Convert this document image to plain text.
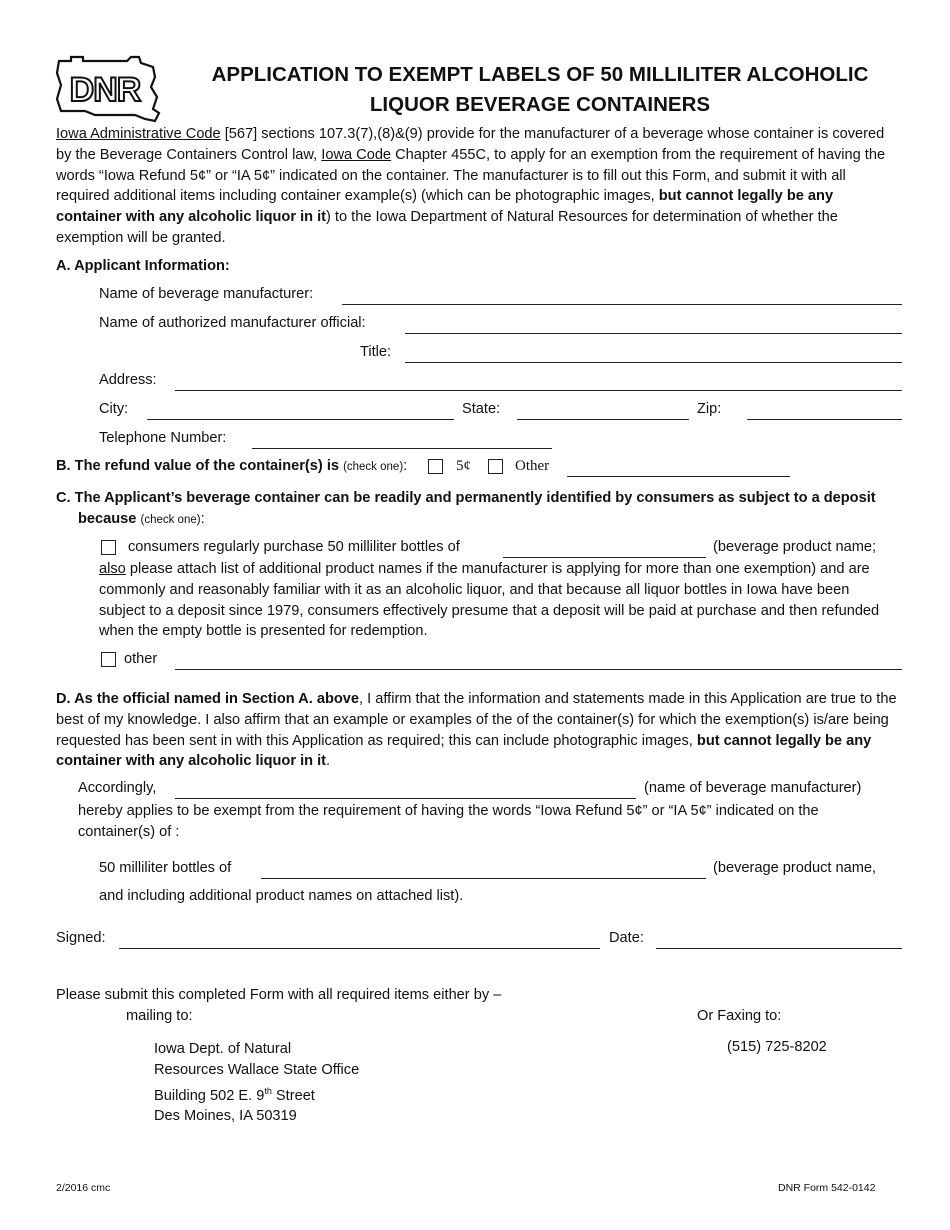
DNR	APPLICATION TO EXEMPT LABELS OF 50 MILLILITER ALCOHOLIC
LIQUOR BEVERAGE CONTAINERS

Iowa Administrative Code [567] sections 107.3(7),(8)&(9) provide for the manufacturer of a beverage whose container is covered by the Beverage Containers Control law, Iowa Code Chapter 455C, to apply for an exemption from the requirement of having the words “Iowa Refund 5¢” or “IA 5¢” indicated on the container. The manufacturer is to fill out this Form, and submit it with all required additional items including container example(s) (which can be photographic images, but cannot legally be any container with any alcoholic liquor in it) to the Iowa Department of Natural Resources for determination of whether the exemption will be granted.

A. Applicant Information:
Name of beverage manufacturer:
Name of authorized manufacturer official:
Title:
Address:
City:	State:	Zip:
Telephone Number:
B. The refund value of the container(s) is (check one):	5¢	Other
C. The Applicant’s beverage container can be readily and permanently identified by consumers as subject to a deposit
because (check one):
consumers regularly purchase 50 milliliter bottles of	(beverage product name;

also please attach list of additional product names if the manufacturer is applying for more than one exemption) and are commonly and reasonably familiar with it as an alcoholic liquor, and that because all liquor bottles in Iowa have been subject to a deposit since 1979, consumers effectively presume that a deposit will be paid at purchase and then refunded when the empty bottle is presented for redemption.

other

D. As the official named in Section A. above, I affirm that the information and statements made in this Application are true to the best of my knowledge. I also affirm that an example or examples of the of the container(s) for which the exemption(s) is/are being requested has been sent in with this Application as required; this can include photographic images, but cannot legally be any container with any alcoholic liquor in it.

Accordingly,	(name of beverage manufacturer)

hereby applies to be exempt from the requirement of having the words “Iowa Refund 5¢” or “IA 5¢” indicated on the container(s) of :

50 milliliter bottles of	(beverage product name,
and including additional product names on attached list).
Signed:	Date:
Please submit this completed Form with all required items either by –
mailing to:	Or Faxing to:
Iowa Dept. of Natural
Resources Wallace State Office
Building 502 E. 9th Street
Des Moines, IA 50319
(515) 725-8202
2/2016 cmc	DNR Form 542-0142
